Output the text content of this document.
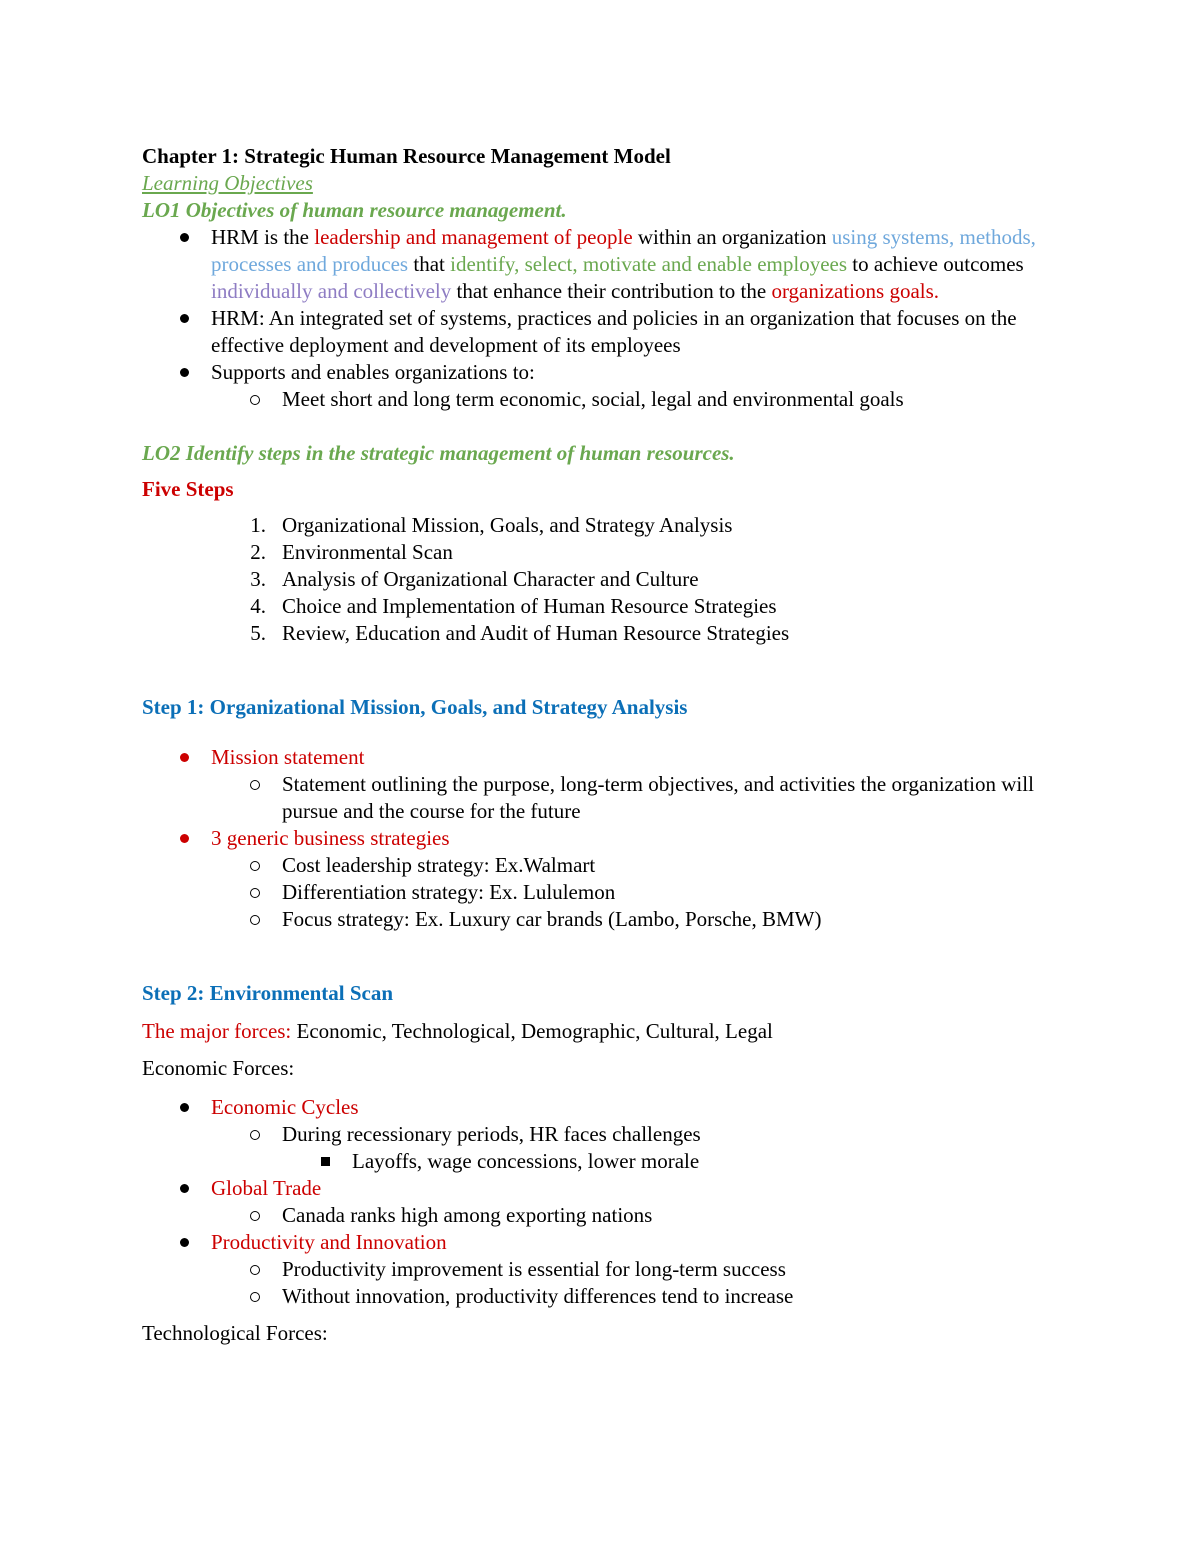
Chapter 1: Strategic Human Resource Management Model

Learning Objectives

LO1 Objectives of human resource management.

HRM is the leadership and management of people within an organization using systems, methods, processes and produces that identify, select, motivate and enable employees to achieve outcomes individually and collectively that enhance their contribution to the organizations goals.
HRM: An integrated set of systems, practices and policies in an organization that focuses on the effective deployment and development of its employees
Supports and enables organizations to:
Meet short and long term economic, social, legal and environmental goals

LO2 Identify steps in the strategic management of human resources.

Five Steps

1. Organizational Mission, Goals, and Strategy Analysis
2. Environmental Scan
3. Analysis of Organizational Character and Culture
4. Choice and Implementation of Human Resource Strategies
5. Review, Education and Audit of Human Resource Strategies

Step 1: Organizational Mission, Goals, and Strategy Analysis

Mission statement
Statement outlining the purpose, long-term objectives, and activities the organization will pursue and the course for the future
3 generic business strategies
Cost leadership strategy: Ex.Walmart
Differentiation strategy: Ex. Lululemon
Focus strategy: Ex. Luxury car brands (Lambo, Porsche, BMW)

Step 2: Environmental Scan

The major forces: Economic, Technological, Demographic, Cultural, Legal

Economic Forces:

Economic Cycles
During recessionary periods, HR faces challenges
Layoffs, wage concessions, lower morale
Global Trade
Canada ranks high among exporting nations
Productivity and Innovation
Productivity improvement is essential for long-term success
Without innovation, productivity differences tend to increase

Technological Forces:
